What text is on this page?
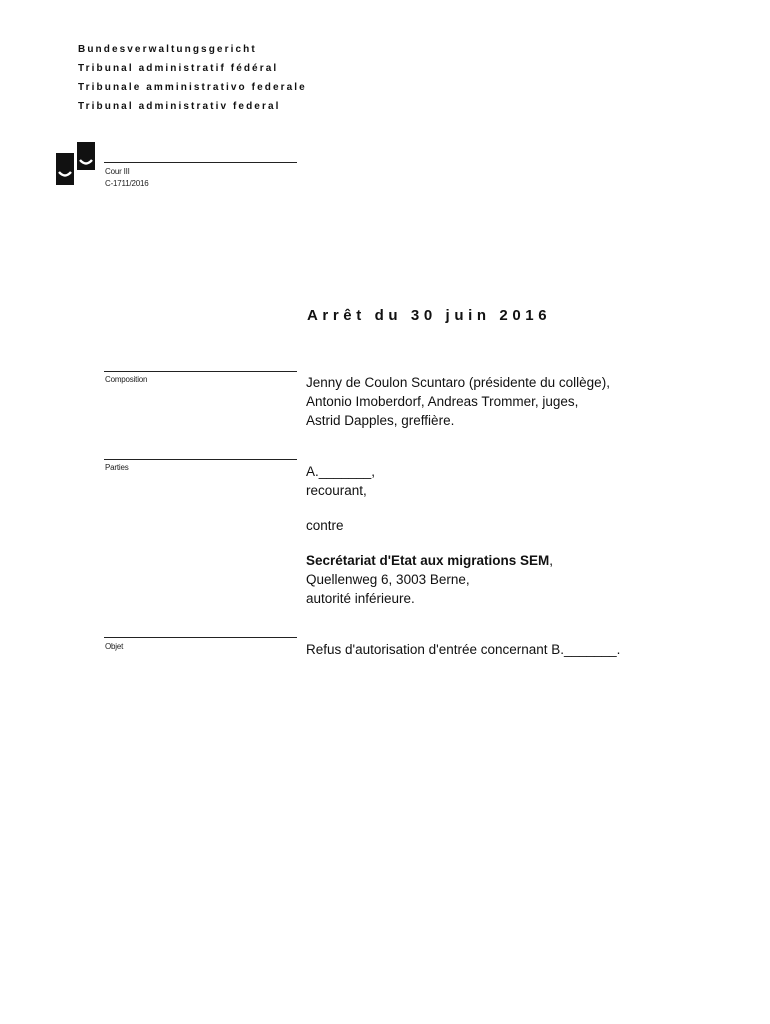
Bundesverwaltungsgericht
Tribunal administratif fédéral
Tribunale amministrativo federale
Tribunal administrativ federal
Cour III
C-1711/2016
Arrêt du 30 juin 2016
Composition	Jenny de Coulon Scuntaro (présidente du collège),
Antonio Imoberdorf, Andreas Trommer, juges,
Astrid Dapples, greffière.
Parties	A._______,
recourant,
contre
Secrétariat d'Etat aux migrations SEM,
Quellenweg 6, 3003 Berne,
autorité inférieure.
Objet	Refus d'autorisation d'entrée concernant B._______.
